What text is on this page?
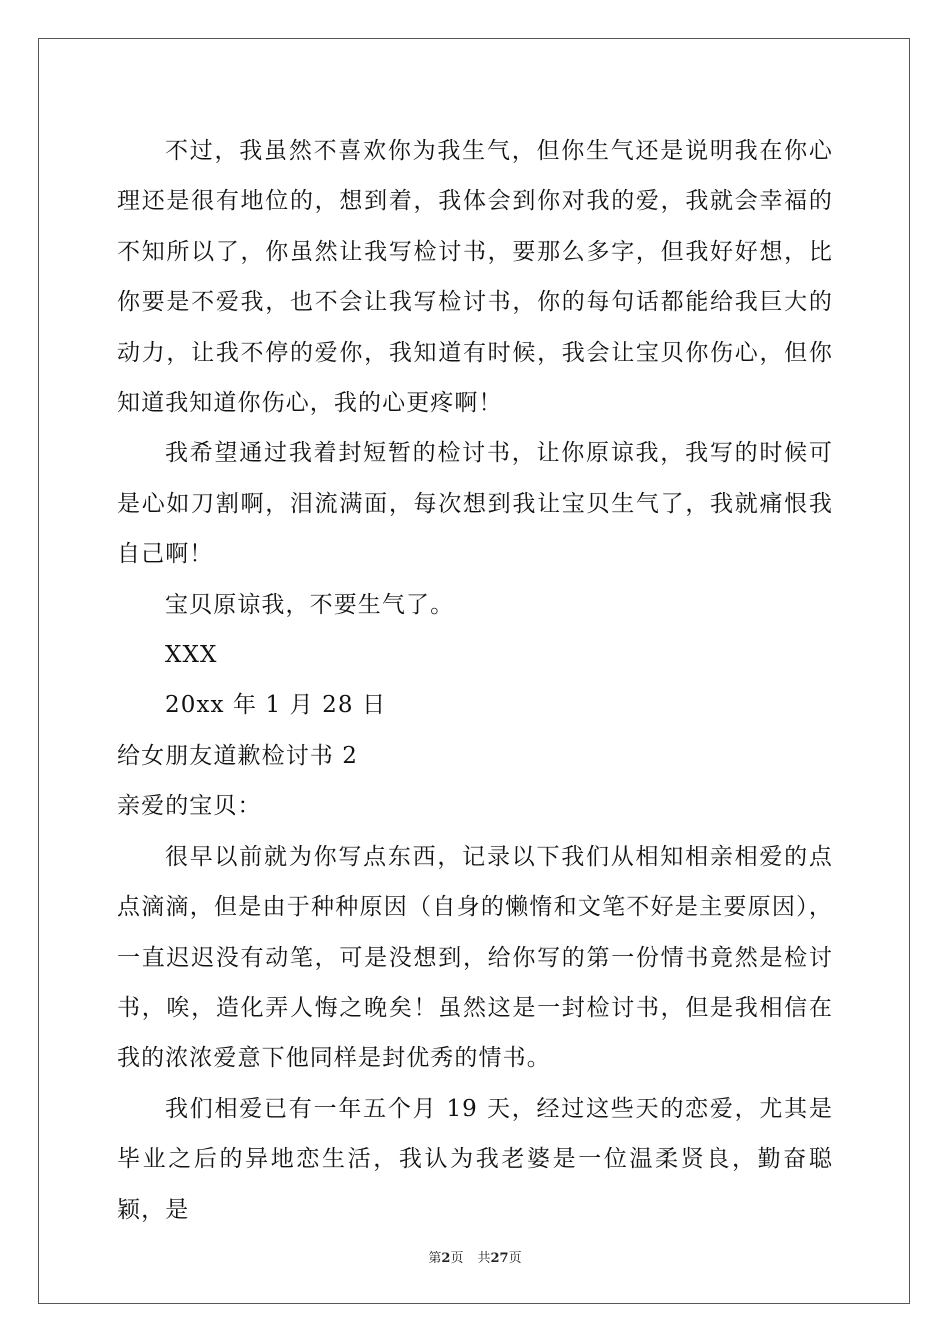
不过，我虽然不喜欢你为我生气，但你生气还是说明我在你心理还是很有地位的，想到着，我体会到你对我的爱，我就会幸福的不知所以了，你虽然让我写检讨书，要那么多字，但我好好想，比你要是不爱我，也不会让我写检讨书，你的每句话都能给我巨大的动力，让我不停的爱你，我知道有时候，我会让宝贝你伤心，但你知道我知道你伤心，我的心更疼啊！

我希望通过我着封短暂的检讨书，让你原谅我，我写的时候可是心如刀割啊，泪流满面，每次想到我让宝贝生气了，我就痛恨我自己啊！

宝贝原谅我，不要生气了。

XXX

20xx 年 1 月 28 日

给女朋友道歉检讨书 2

亲爱的宝贝：

很早以前就为你写点东西，记录以下我们从相知相亲相爱的点点滴滴，但是由于种种原因（自身的懒惰和文笔不好是主要原因），一直迟迟没有动笔，可是没想到，给你写的第一份情书竟然是检讨书，唉，造化弄人悔之晚矣！虽然这是一封检讨书，但是我相信在我的浓浓爱意下他同样是封优秀的情书。

我们相爱已有一年五个月 19 天，经过这些天的恋爱，尤其是毕业之后的异地恋生活，我认为我老婆是一位温柔贤良，勤奋聪颖，是

第2页 共27页
